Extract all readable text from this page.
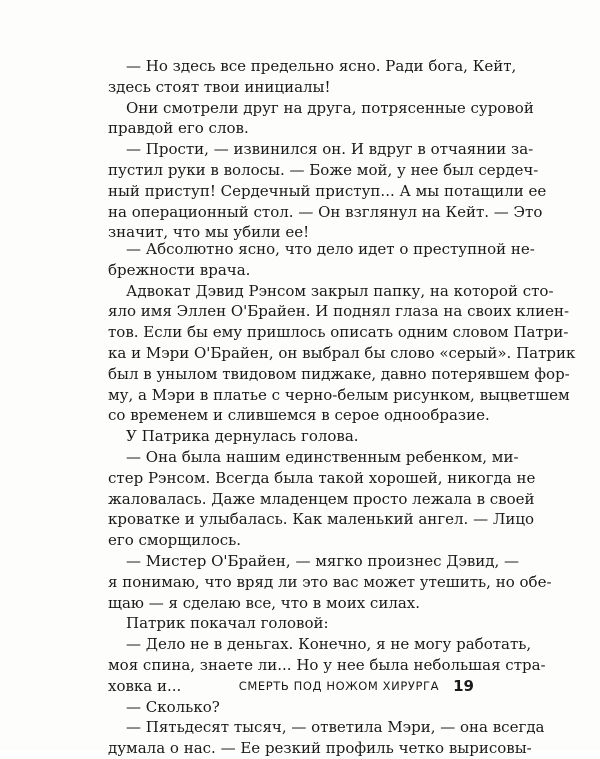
— Но здесь все предельно ясно. Ради бога, Кейт,
здесь стоят твои инициалы!
Они смотрели друг на друга, потрясенные суровой
правдой его слов.
— Прости, — извинился он. И вдруг в отчаянии за-
пустил руки в волосы. — Боже мой, у нее был сердеч-
ный приступ! Сердечный приступ... А мы потащили ее
на операционный стол. — Он взглянул на Кейт. — Это
значит, что мы убили ее!
— Абсолютно ясно, что дело идет о преступной не-
брежности врача.
Адвокат Дэвид Рэнсом закрыл папку, на которой сто-
яло имя Эллен О'Брайен. И поднял глаза на своих клиен-
тов. Если бы ему пришлось описать одним словом Патри-
ка и Мэри О'Брайен, он выбрал бы слово «серый». Патрик
был в унылом твидовом пиджаке, давно потерявшем фор-
му, а Мэри в платье с черно-белым рисунком, выцветшем
со временем и слившемся в серое однообразие.
У Патрика дернулась голова.
— Она была нашим единственным ребенком, ми-
стер Рэнсом. Всегда была такой хорошей, никогда не
жаловалась. Даже младенцем просто лежала в своей
кроватке и улыбалась. Как маленький ангел. — Лицо
его сморщилось.
— Мистер О'Брайен, — мягко произнес Дэвид, —
я понимаю, что вряд ли это вас может утешить, но обе-
щаю — я сделаю все, что в моих силах.
Патрик покачал головой:
— Дело не в деньгах. Конечно, я не могу работать,
моя спина, знаете ли... Но у нее была небольшая стра-
ховка и...
— Сколько?
— Пятьдесят тысяч, — ответила Мэри, — она всегда
думала о нас. — Ее резкий профиль четко вырисовы-
СМЕРТЬ ПОД НОЖОМ ХИРУРГА 19
